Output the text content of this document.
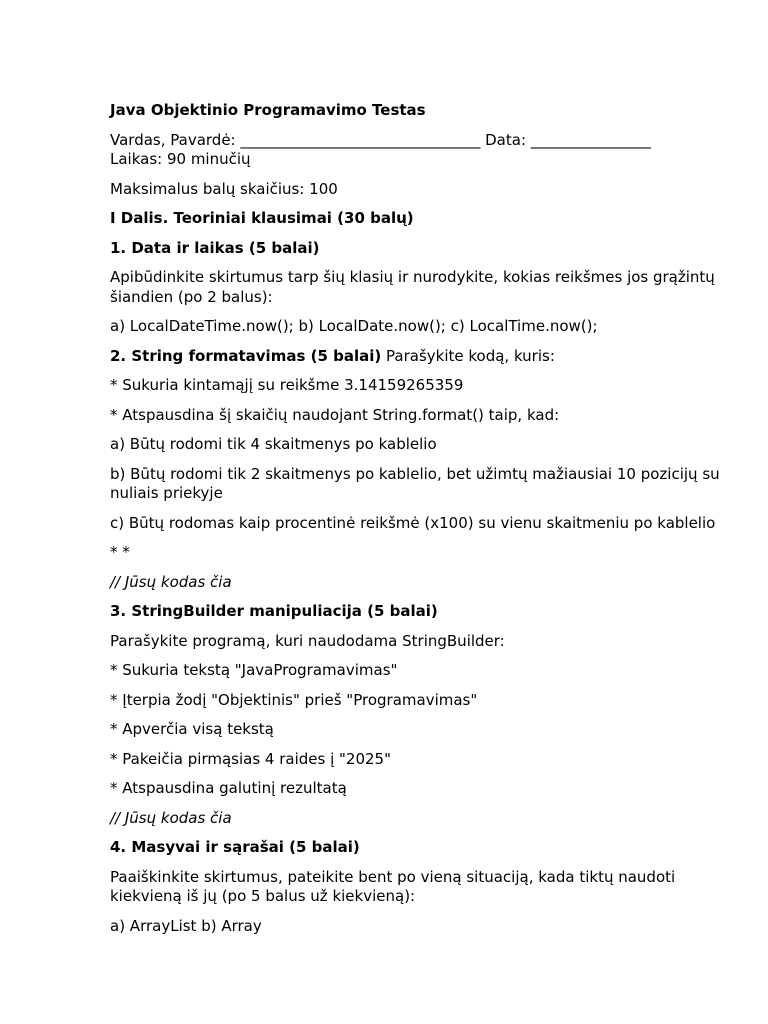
Java Objektinio Programavimo Testas

Vardas, Pavardė: ________________________________ Data: ________________
Laikas: 90 minučių

Maksimalus balų skaičius: 100

I Dalis. Teoriniai klausimai (30 balų)

1. Data ir laikas (5 balai)

Apibūdinkite skirtumus tarp šių klasių ir nurodykite, kokias reikšmes jos grąžintų šiandien (po 2 balus):

a) LocalDateTime.now(); b) LocalDate.now(); c) LocalTime.now();

2. String formatavimas (5 balai) Parašykite kodą, kuris:

* Sukuria kintamąjį su reikšme 3.14159265359

* Atspausdina šį skaičių naudojant String.format() taip, kad:

a) Būtų rodomi tik 4 skaitmenys po kablelio

b) Būtų rodomi tik 2 skaitmenys po kablelio, bet užimtų mažiausiai 10 pozicijų su nuliais priekyje

c) Būtų rodomas kaip procentinė reikšmė (x100) su vienu skaitmeniu po kablelio

* *

// Jūsų kodas čia

3. StringBuilder manipuliacija (5 balai)

Parašykite programą, kuri naudodama StringBuilder:

* Sukuria tekstą "JavaProgramavimas"

* Įterpia žodį "Objektinis" prieš "Programavimas"

* Apverčia visą tekstą

* Pakeičia pirmąsias 4 raides į "2025"

* Atspausdina galutinį rezultatą

// Jūsų kodas čia

4. Masyvai ir sąrašai (5 balai)

Paaiškinkite skirtumus, pateikite bent po vieną situaciją, kada tiktų naudoti kiekvieną iš jų (po 5 balus už kiekvieną):

a) ArrayList b) Array
